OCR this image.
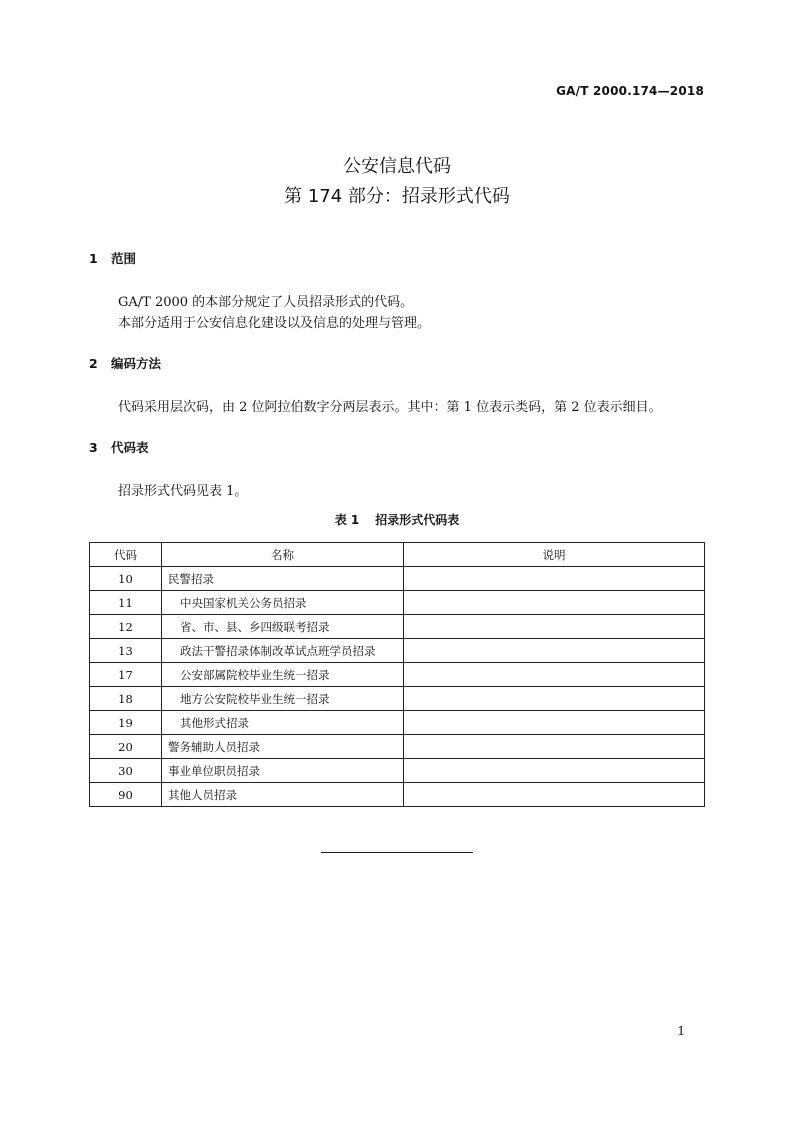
GA/T 2000.174—2018
公安信息代码
第 174 部分：招录形式代码
1 范围
GA/T 2000 的本部分规定了人员招录形式的代码。
本部分适用于公安信息化建设以及信息的处理与管理。
2 编码方法
代码采用层次码，由 2 位阿拉伯数字分两层表示。其中：第 1 位表示类码，第 2 位表示细目。
3 代码表
招录形式代码见表 1。
表 1 招录形式代码表
代码	名称	说明
10	民警招录	
11	中央国家机关公务员招录	
12	省、市、县、乡四级联考招录	
13	政法干警招录体制改革试点班学员招录	
17	公安部属院校毕业生统一招录	
18	地方公安院校毕业生统一招录	
19	其他形式招录	
20	警务辅助人员招录	
30	事业单位职员招录	
90	其他人员招录	
1
